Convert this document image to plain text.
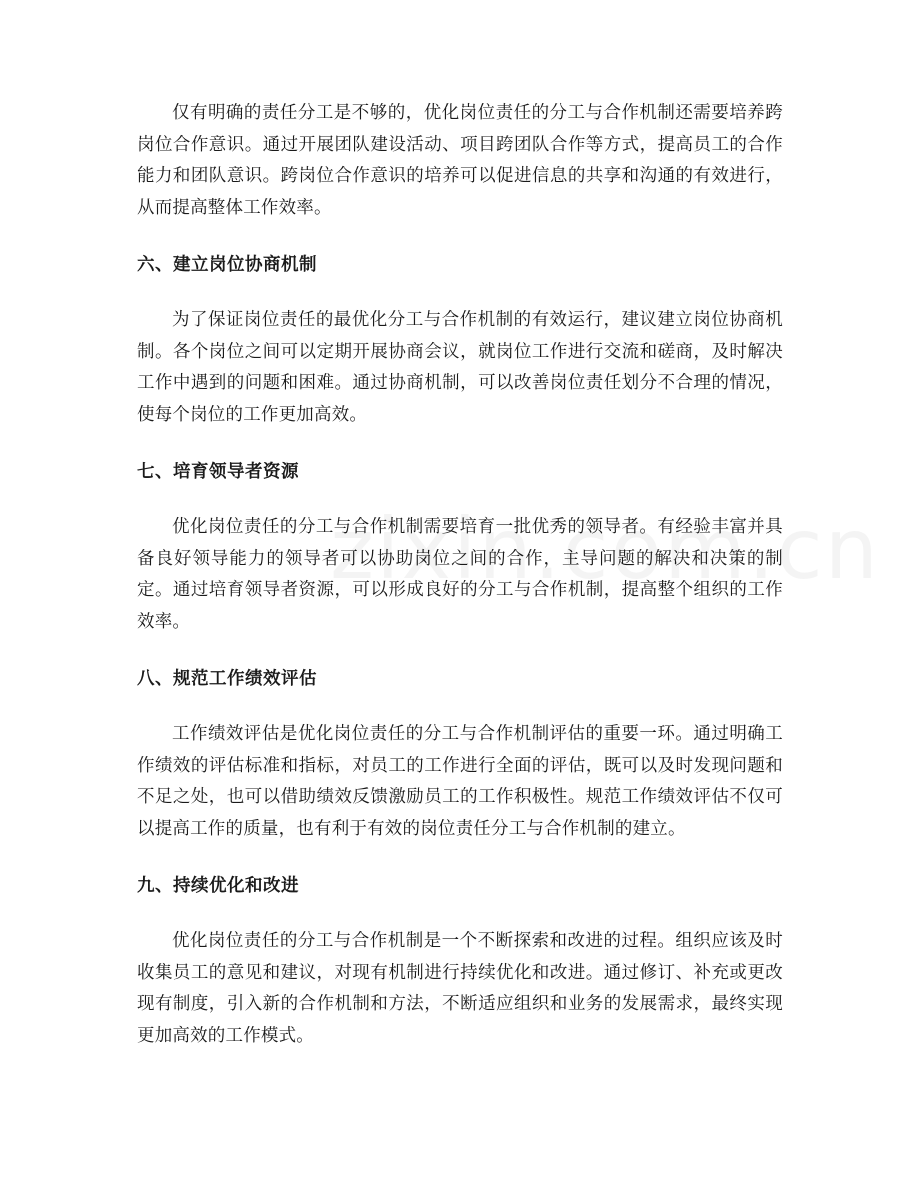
仅有明确的责任分工是不够的，优化岗位责任的分工与合作机制还需要培养跨岗位合作意识。通过开展团队建设活动、项目跨团队合作等方式，提高员工的合作能力和团队意识。跨岗位合作意识的培养可以促进信息的共享和沟通的有效进行，从而提高整体工作效率。

六、建立岗位协商机制

为了保证岗位责任的最优化分工与合作机制的有效运行，建议建立岗位协商机制。各个岗位之间可以定期开展协商会议，就岗位工作进行交流和磋商，及时解决工作中遇到的问题和困难。通过协商机制，可以改善岗位责任划分不合理的情况，使每个岗位的工作更加高效。

七、培育领导者资源

优化岗位责任的分工与合作机制需要培育一批优秀的领导者。有经验丰富并具备良好领导能力的领导者可以协助岗位之间的合作，主导问题的解决和决策的制定。通过培育领导者资源，可以形成良好的分工与合作机制，提高整个组织的工作效率。

八、规范工作绩效评估

工作绩效评估是优化岗位责任的分工与合作机制评估的重要一环。通过明确工作绩效的评估标准和指标，对员工的工作进行全面的评估，既可以及时发现问题和不足之处，也可以借助绩效反馈激励员工的工作积极性。规范工作绩效评估不仅可以提高工作的质量，也有利于有效的岗位责任分工与合作机制的建立。

九、持续优化和改进

优化岗位责任的分工与合作机制是一个不断探索和改进的过程。组织应该及时收集员工的意见和建议，对现有机制进行持续优化和改进。通过修订、补充或更改现有制度，引入新的合作机制和方法，不断适应组织和业务的发展需求，最终实现更加高效的工作模式。
